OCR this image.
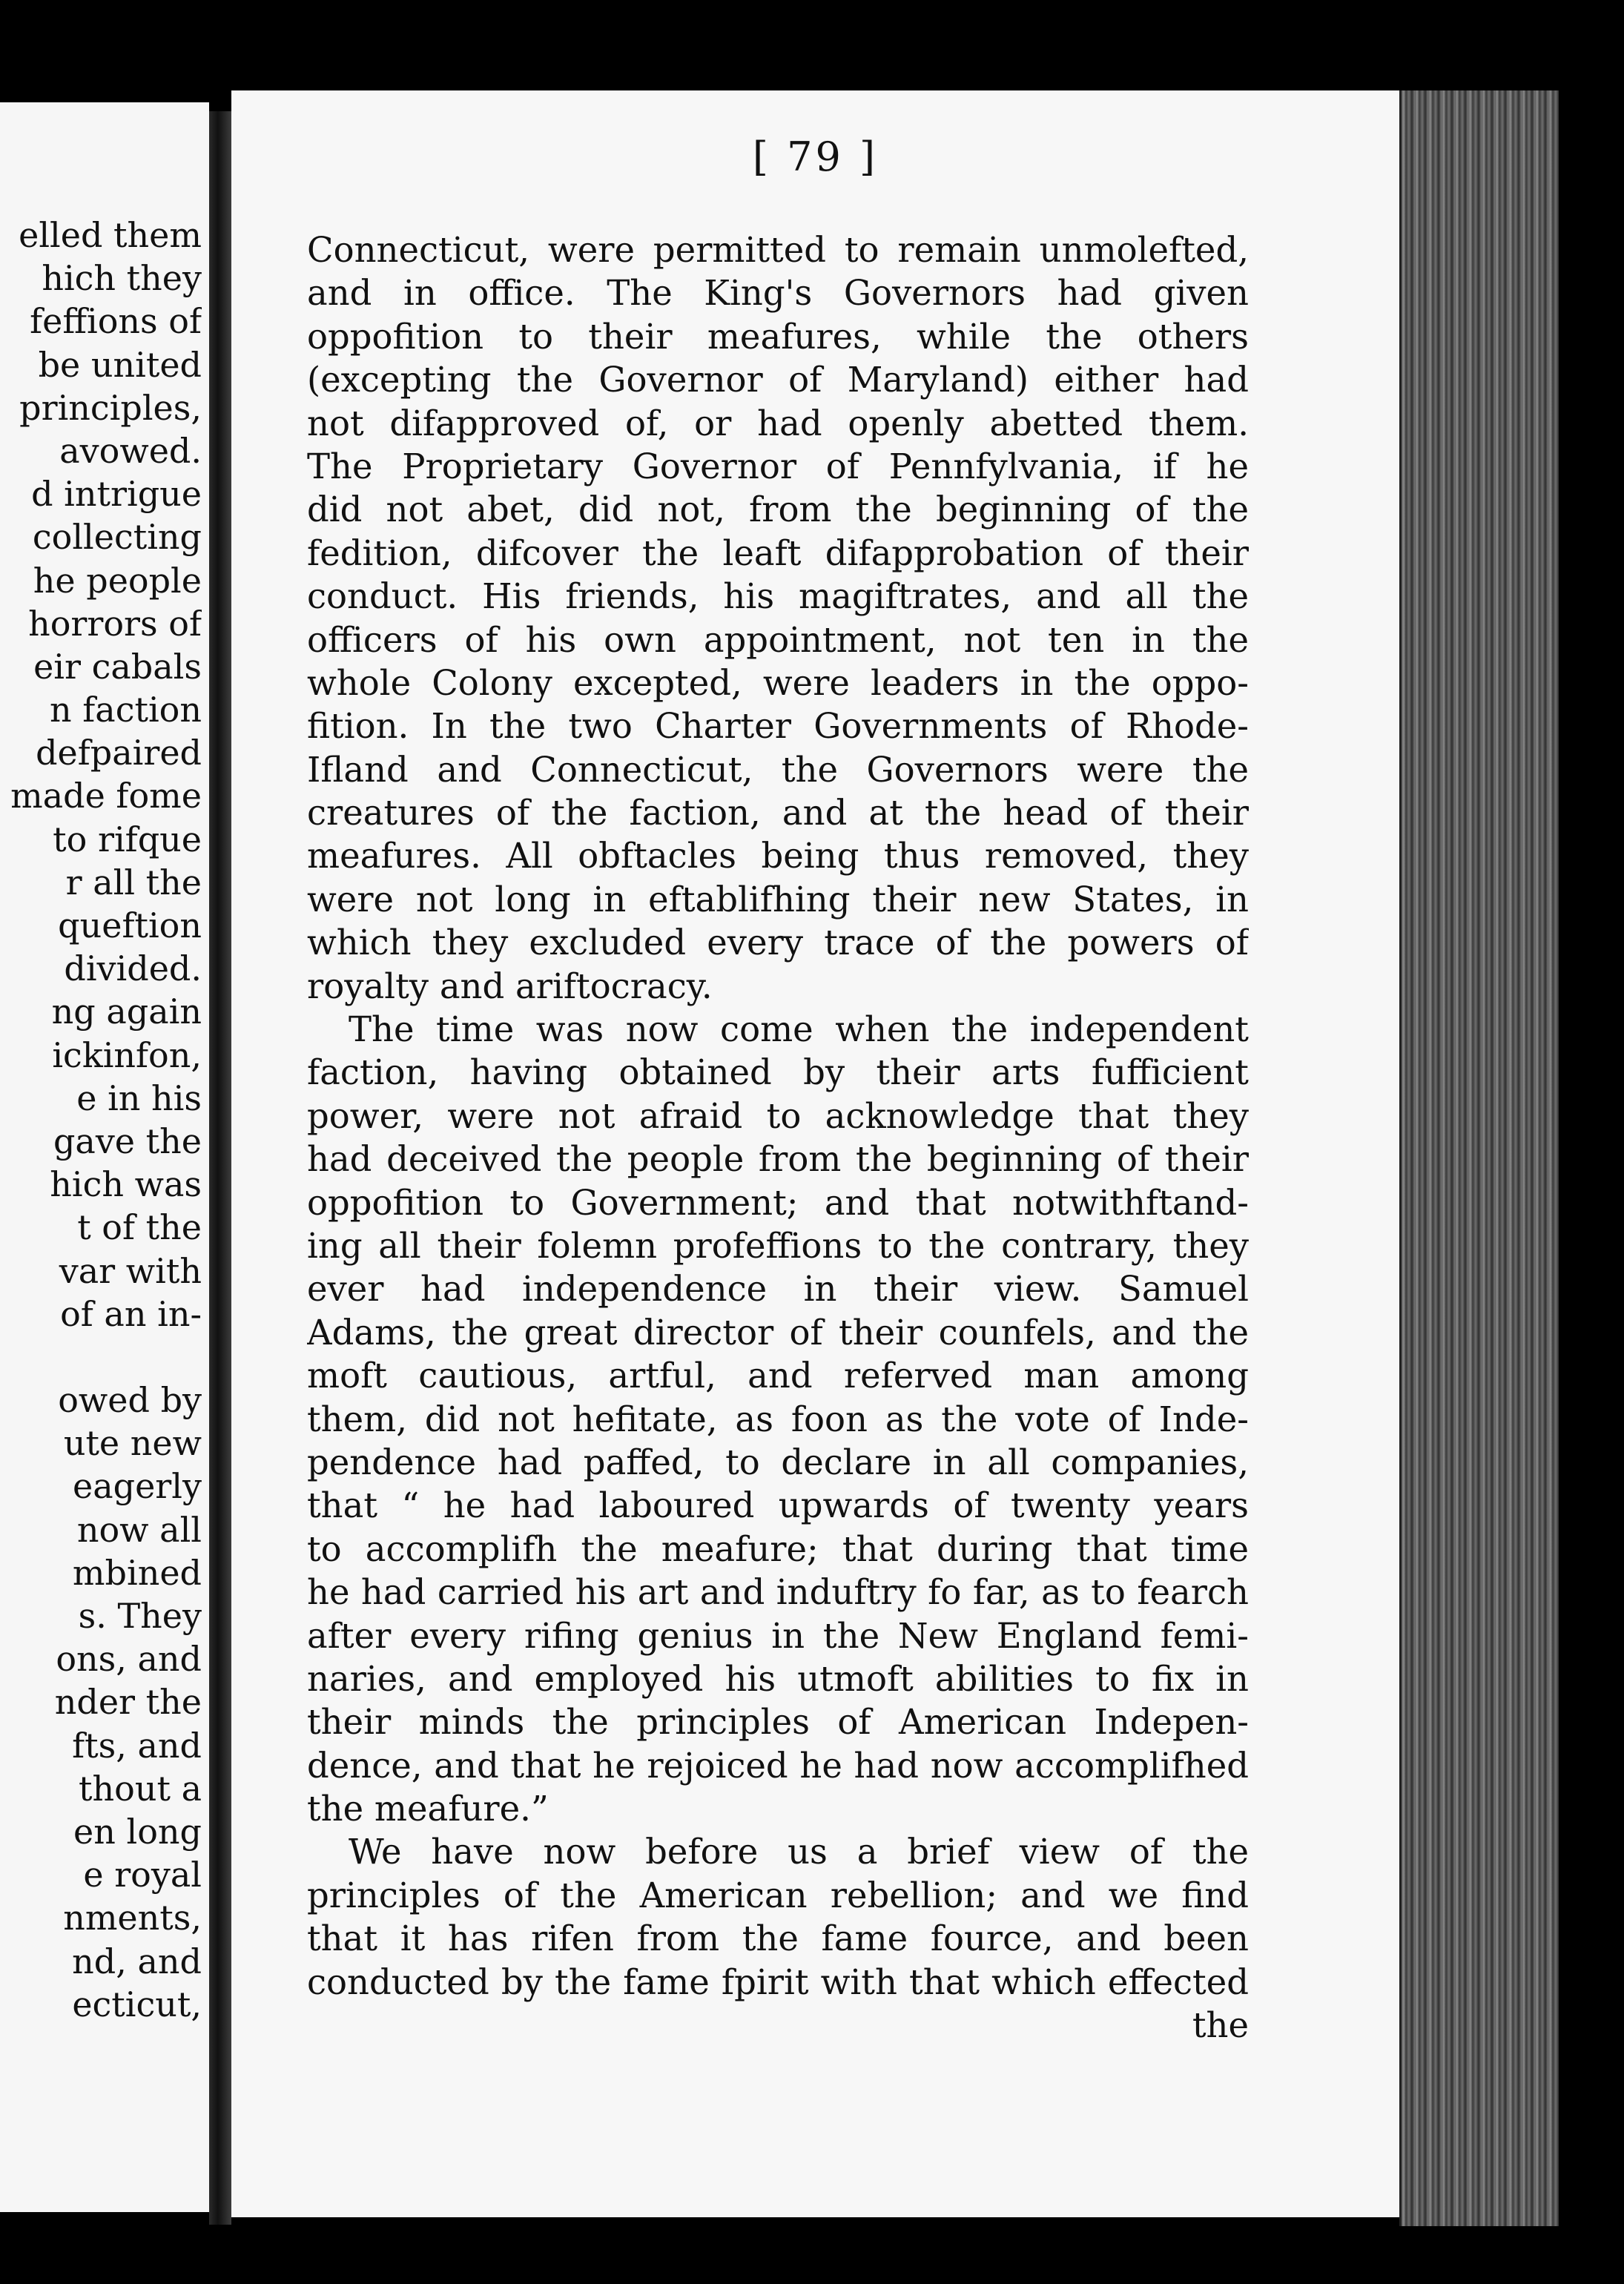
elled them
hich they
feffions of
be united
principles,
avowed.
d intrigue
collecting
he people
horrors of
eir cabals
n faction
defpaired
made fome
to rifque
r all the
queftion
divided.
ng again
ickinfon,
e in his
gave the
hich was
t of the
var with
of an in-
owed by
ute new
eagerly
now all
mbined
s. They
ons, and
nder the
fts, and
thout a
en long
e royal
nments,
nd, and
ecticut,
[ 79 ]
Connecticut, were permitted to remain unmolefted,
and in office. The King's Governors had given
oppofition to their meafures, while the others
(excepting the Governor of Maryland) either had
not difapproved of, or had openly abetted them.
The Proprietary Governor of Pennfylvania, if he
did not abet, did not, from the beginning of the
fedition, difcover the leaft difapprobation of their
conduct. His friends, his magiftrates, and all the
officers of his own appointment, not ten in the
whole Colony excepted, were leaders in the oppo-
fition. In the two Charter Governments of Rhode-
Ifland and Connecticut, the Governors were the
creatures of the faction, and at the head of their
meafures. All obftacles being thus removed, they
were not long in eftablifhing their new States, in
which they excluded every trace of the powers of
royalty and ariftocracy.
The time was now come when the independent
faction, having obtained by their arts fufficient
power, were not afraid to acknowledge that they
had deceived the people from the beginning of their
oppofition to Government; and that notwithftand-
ing all their folemn profeffions to the contrary, they
ever had independence in their view. Samuel
Adams, the great director of their counfels, and the
moft cautious, artful, and referved man among
them, did not hefitate, as foon as the vote of Inde-
pendence had paffed, to declare in all companies,
that “ he had laboured upwards of twenty years
to accomplifh the meafure; that during that time
he had carried his art and induftry fo far, as to fearch
after every rifing genius in the New England femi-
naries, and employed his utmoft abilities to fix in
their minds the principles of American Indepen-
dence, and that he rejoiced he had now accomplifhed
the meafure.”
We have now before us a brief view of the
principles of the American rebellion; and we find
that it has rifen from the fame fource, and been
conducted by the fame fpirit with that which effected
the
